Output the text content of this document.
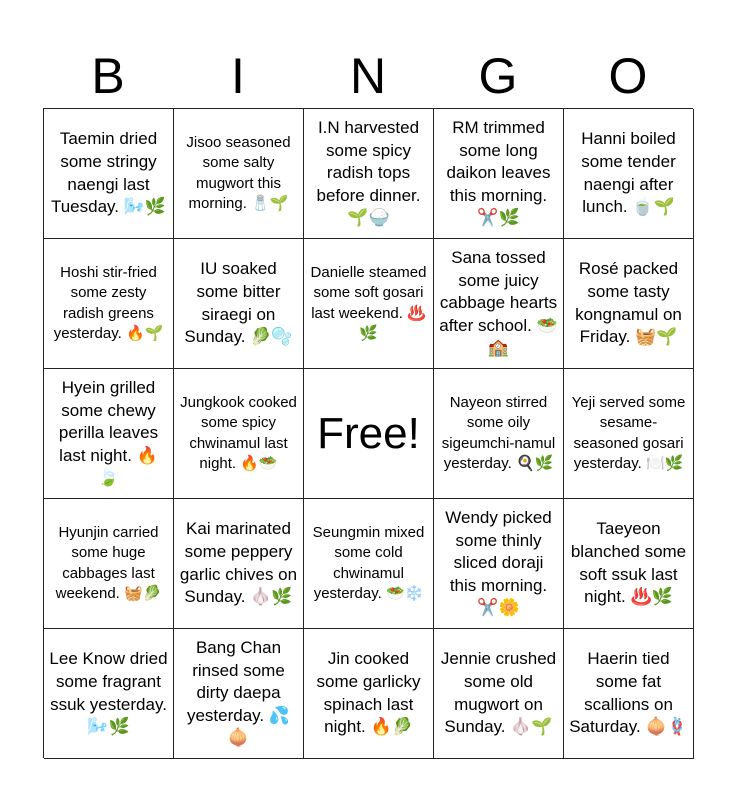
B	I	N	G	O
Taemin dried some stringy naengi last Tuesday. 🌬️🌿
Jisoo seasoned some salty mugwort this morning. 🧂🌱
I.N harvested some spicy radish tops before dinner. 🌱🍚
RM trimmed some long daikon leaves this morning. ✂️🌿
Hanni boiled some tender naengi after lunch. 🍵🌱
Hoshi stir-fried some zesty radish greens yesterday. 🔥🌱
IU soaked some bitter siraegi on Sunday. 🥬🫧
Danielle steamed some soft gosari last weekend. ♨️🌿
Sana tossed some juicy cabbage hearts after school. 🥗🏫
Rosé packed some tasty kongnamul on Friday. 🧺🌱
Hyein grilled some chewy perilla leaves last night. 🔥🍃
Jungkook cooked some spicy chwinamul last night. 🔥🥗
Free!
Nayeon stirred some oily sigeumchi-namul yesterday. 🍳🌿
Yeji served some sesame-seasoned gosari yesterday. 🍽️🌿
Hyunjin carried some huge cabbages last weekend. 🧺🥬
Kai marinated some peppery garlic chives on Sunday. 🧄🌿
Seungmin mixed some cold chwinamul yesterday. 🥗❄️
Wendy picked some thinly sliced doraji this morning. ✂️🌼
Taeyeon blanched some soft ssuk last night. ♨️🌿
Lee Know dried some fragrant ssuk yesterday. 🌬️🌿
Bang Chan rinsed some dirty daepa yesterday. 💦🧅
Jin cooked some garlicky spinach last night. 🔥🥬
Jennie crushed some old mugwort on Sunday. 🧄🌱
Haerin tied some fat scallions on Saturday. 🧅🪢
